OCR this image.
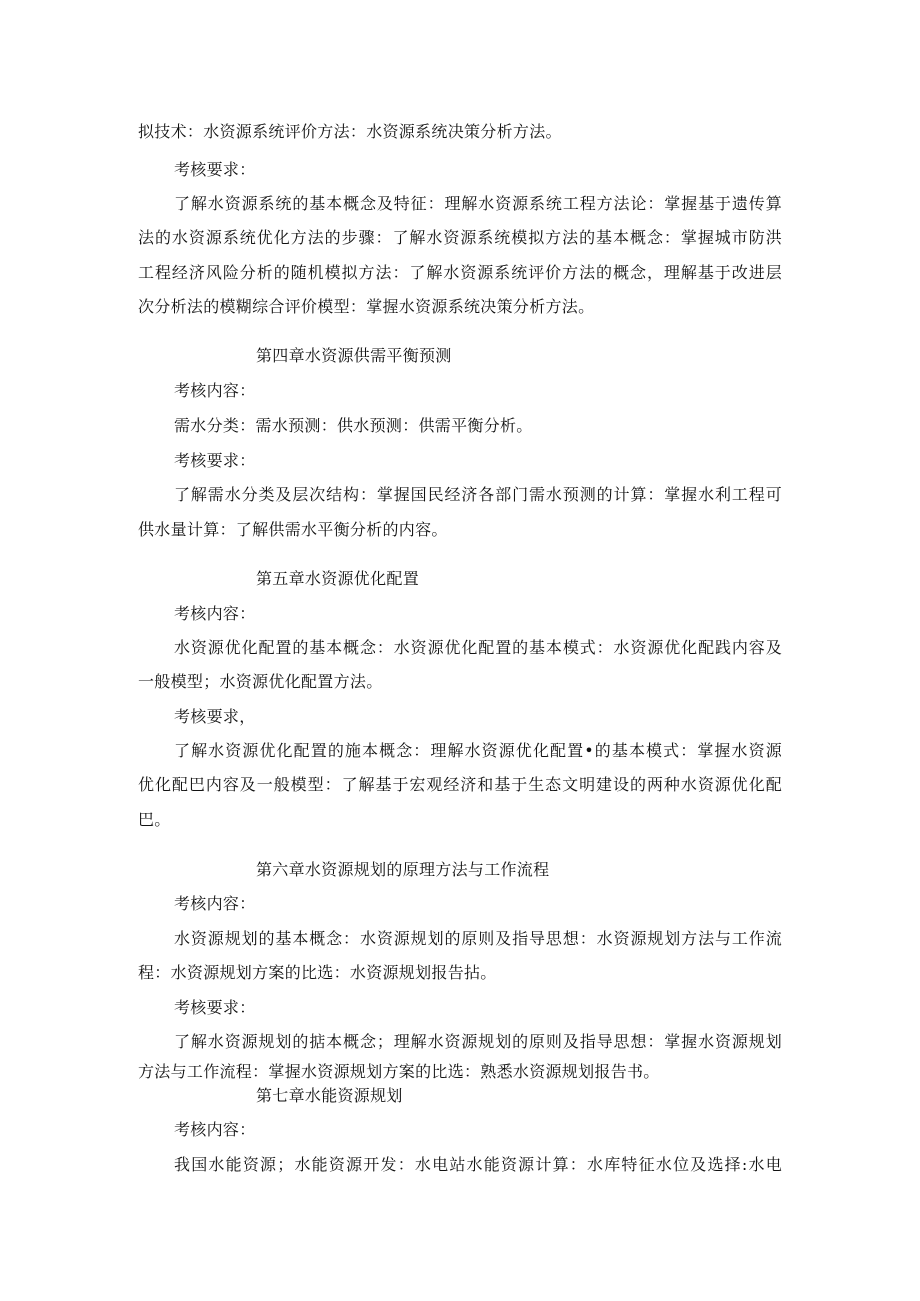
拟技术：水资源系统评价方法：水资源系统决策分析方法。
考核要求：
了解水资源系统的基本概念及特征：理解水资源系统工程方法论：掌握基于遗传算
法的水资源系统优化方法的步骤：了解水资源系统模拟方法的基本概念：掌握城市防洪
工程经济风险分析的随机模拟方法：了解水资源系统评价方法的概念，理解基于改进层
次分析法的模糊综合评价模型：掌握水资源系统决策分析方法。
第四章水资源供需平衡预测
考核内容：
需水分类：需水预测：供水预测：供需平衡分析。
考核要求：
了解需水分类及层次结构：掌握国民经济各部门需水预测的计算：掌握水利工程可
供水量计算：了解供需水平衡分析的内容。
第五章水资源优化配置
考核内容：
水资源优化配置的基本概念：水资源优化配置的基本模式：水资源优化配践内容及
一般模型；水资源优化配置方法。
考核要求，
了解水资源优化配置的施本概念：理解水资源优化配置•的基本模式：掌握水资源
优化配巴内容及一般模型：了解基于宏观经济和基于生态文明建设的两种水资源优化配
巴。
第六章水资源规划的原理方法与工作流程
考核内容：
水资源规划的基本概念：水资源规划的原则及指导思想：水资源规划方法与工作流
程：水资源规划方案的比选：水资源规划报告拈。
考核要求：
了解水资源规划的掂本概念；理解水资源规划的原则及指导思想：掌握水资源规划
方法与工作流程：掌握水资源规划方案的比选：熟悉水资源规划报告书。
第七章水能资源规划
考核内容：
我国水能资源；水能资源开发：水电站水能资源计算：水库特征水位及选择:水电
